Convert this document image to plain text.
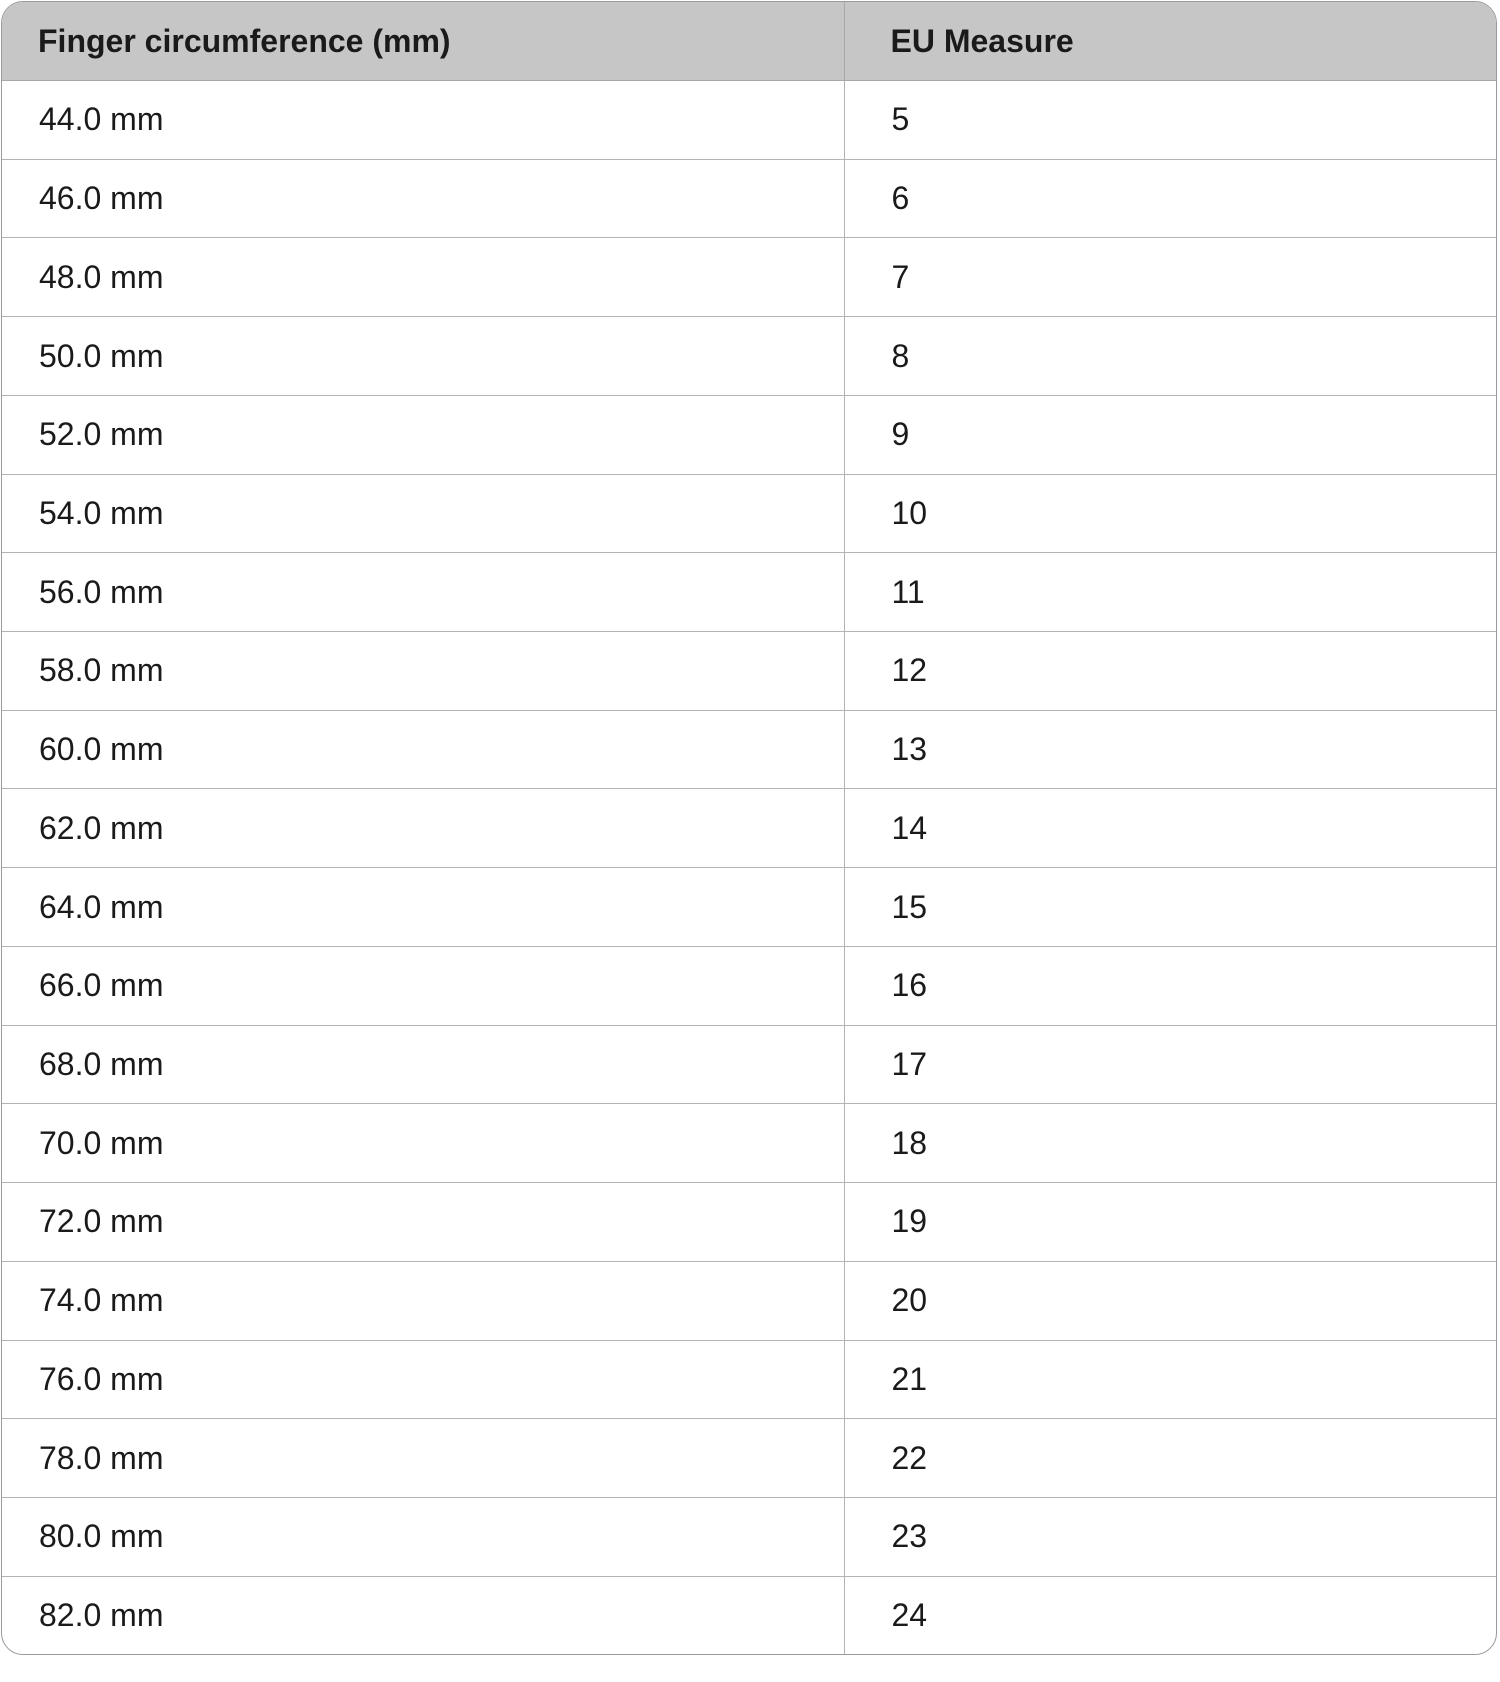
Finger circumference (mm)	EU Measure
44.0 mm	5
46.0 mm	6
48.0 mm	7
50.0 mm	8
52.0 mm	9
54.0 mm	10
56.0 mm	11
58.0 mm	12
60.0 mm	13
62.0 mm	14
64.0 mm	15
66.0 mm	16
68.0 mm	17
70.0 mm	18
72.0 mm	19
74.0 mm	20
76.0 mm	21
78.0 mm	22
80.0 mm	23
82.0 mm	24
